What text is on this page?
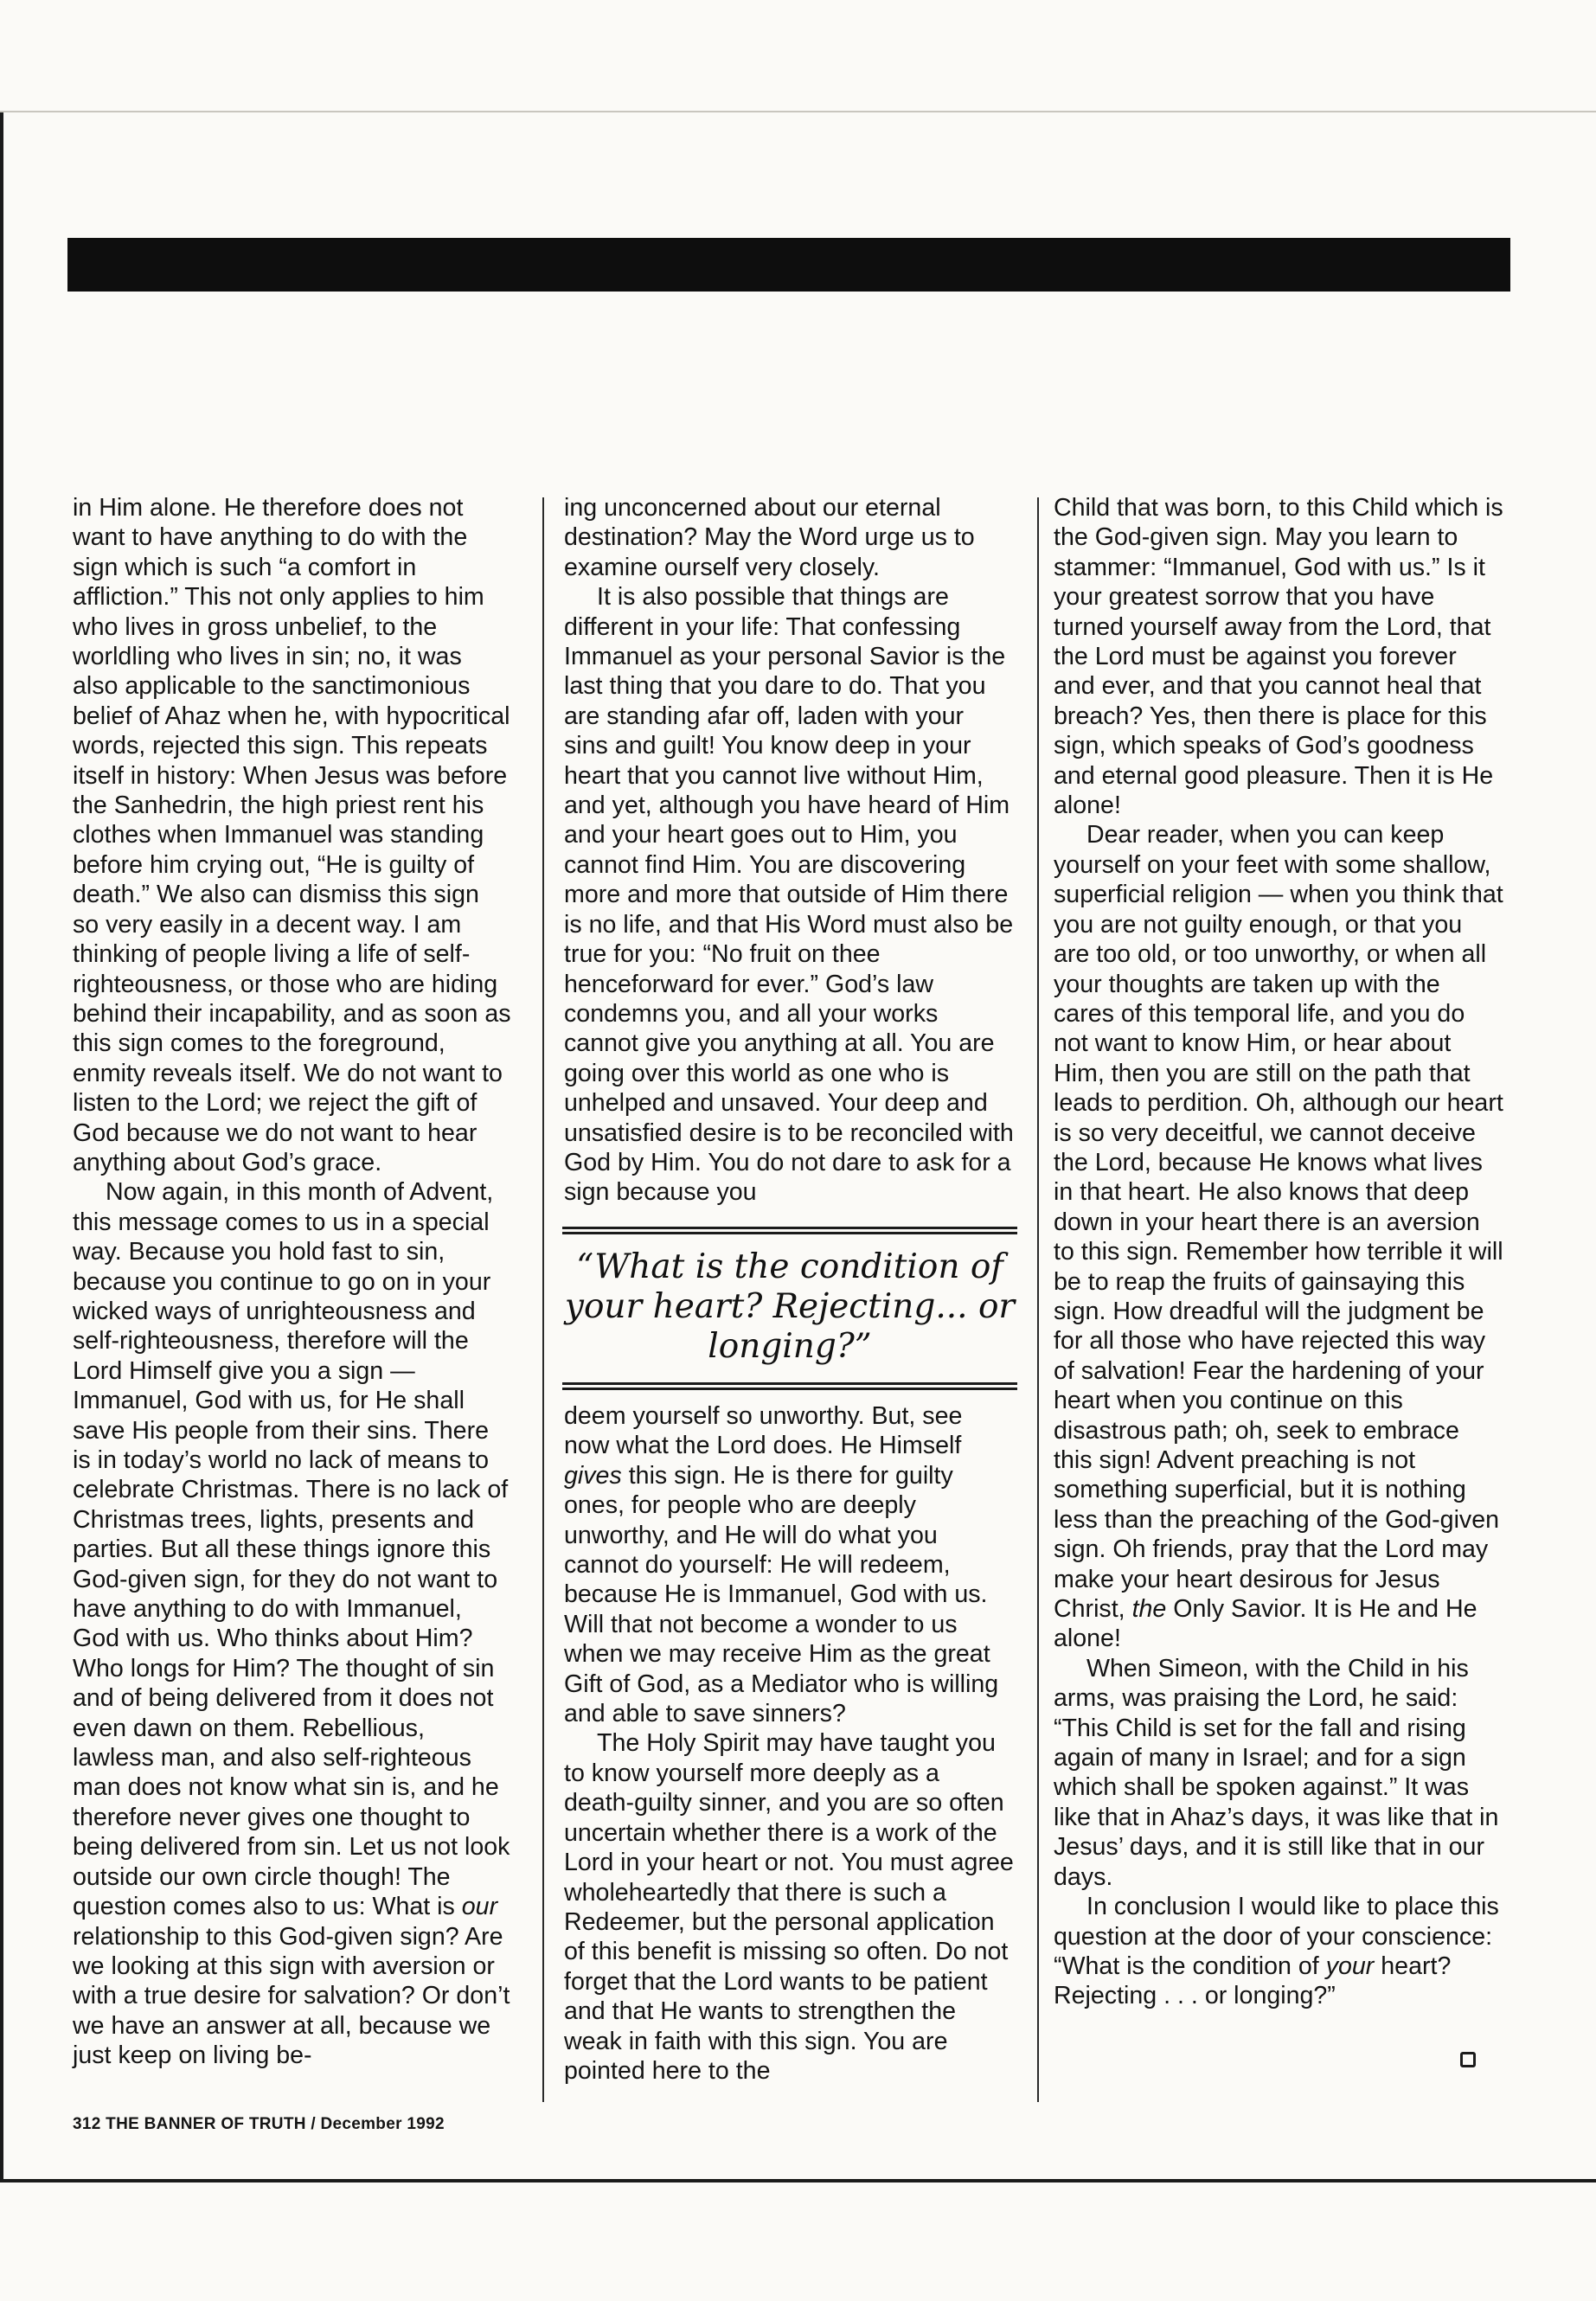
in Him alone. He therefore does not want to have anything to do with the sign which is such “a comfort in affliction.” This not only applies to him who lives in gross unbelief, to the worldling who lives in sin; no, it was also applicable to the sanctimonious belief of Ahaz when he, with hypocritical words, rejected this sign. This repeats itself in history: When Jesus was before the Sanhedrin, the high priest rent his clothes when Immanuel was standing before him crying out, “He is guilty of death.” We also can dismiss this sign so very easily in a decent way. I am thinking of people living a life of self-righteousness, or those who are hiding behind their incapability, and as soon as this sign comes to the foreground, enmity reveals itself. We do not want to listen to the Lord; we reject the gift of God because we do not want to hear anything about God’s grace.

Now again, in this month of Advent, this message comes to us in a special way. Because you hold fast to sin, because you continue to go on in your wicked ways of unrighteousness and self-righteousness, therefore will the Lord Himself give you a sign — Immanuel, God with us, for He shall save His people from their sins. There is in today’s world no lack of means to celebrate Christmas. There is no lack of Christmas trees, lights, presents and parties. But all these things ignore this God-given sign, for they do not want to have anything to do with Immanuel, God with us. Who thinks about Him? Who longs for Him? The thought of sin and of being delivered from it does not even dawn on them. Rebellious, lawless man, and also self-righteous man does not know what sin is, and he therefore never gives one thought to being delivered from sin. Let us not look outside our own circle though! The question comes also to us: What is our relationship to this God-given sign? Are we looking at this sign with aversion or with a true desire for salvation? Or don’t we have an answer at all, because we just keep on living be-

ing unconcerned about our eternal destination? May the Word urge us to examine ourself very closely.

It is also possible that things are different in your life: That confessing Immanuel as your personal Savior is the last thing that you dare to do. That you are standing afar off, laden with your sins and guilt! You know deep in your heart that you cannot live without Him, and yet, although you have heard of Him and your heart goes out to Him, you cannot find Him. You are discovering more and more that outside of Him there is no life, and that His Word must also be true for you: “No fruit on thee henceforward for ever.” God’s law condemns you, and all your works cannot give you anything at all. You are going over this world as one who is unhelped and unsaved. Your deep and unsatisfied desire is to be reconciled with God by Him. You do not dare to ask for a sign because you

“What is the condition of your heart? Rejecting... or longing?”

deem yourself so unworthy. But, see now what the Lord does. He Himself gives this sign. He is there for guilty ones, for people who are deeply unworthy, and He will do what you cannot do yourself: He will redeem, because He is Immanuel, God with us. Will that not become a wonder to us when we may receive Him as the great Gift of God, as a Mediator who is willing and able to save sinners?

The Holy Spirit may have taught you to know yourself more deeply as a death-guilty sinner, and you are so often uncertain whether there is a work of the Lord in your heart or not. You must agree wholeheartedly that there is such a Redeemer, but the personal application of this benefit is missing so often. Do not forget that the Lord wants to be patient and that He wants to strengthen the weak in faith with this sign. You are pointed here to the

Child that was born, to this Child which is the God-given sign. May you learn to stammer: “Immanuel, God with us.” Is it your greatest sorrow that you have turned yourself away from the Lord, that the Lord must be against you forever and ever, and that you cannot heal that breach? Yes, then there is place for this sign, which speaks of God’s goodness and eternal good pleasure. Then it is He alone!

Dear reader, when you can keep yourself on your feet with some shallow, superficial religion — when you think that you are not guilty enough, or that you are too old, or too unworthy, or when all your thoughts are taken up with the cares of this temporal life, and you do not want to know Him, or hear about Him, then you are still on the path that leads to perdition. Oh, although our heart is so very deceitful, we cannot deceive the Lord, because He knows what lives in that heart. He also knows that deep down in your heart there is an aversion to this sign. Remember how terrible it will be to reap the fruits of gainsaying this sign. How dreadful will the judgment be for all those who have rejected this way of salvation! Fear the hardening of your heart when you continue on this disastrous path; oh, seek to embrace this sign! Advent preaching is not something superficial, but it is nothing less than the preaching of the God-given sign. Oh friends, pray that the Lord may make your heart desirous for Jesus Christ, the Only Savior. It is He and He alone!

When Simeon, with the Child in his arms, was praising the Lord, he said: “This Child is set for the fall and rising again of many in Israel; and for a sign which shall be spoken against.” It was like that in Ahaz’s days, it was like that in Jesus’ days, and it is still like that in our days.

In conclusion I would like to place this question at the door of your conscience: “What is the condition of your heart? Rejecting . . . or longing?”

312 THE BANNER OF TRUTH / December 1992
